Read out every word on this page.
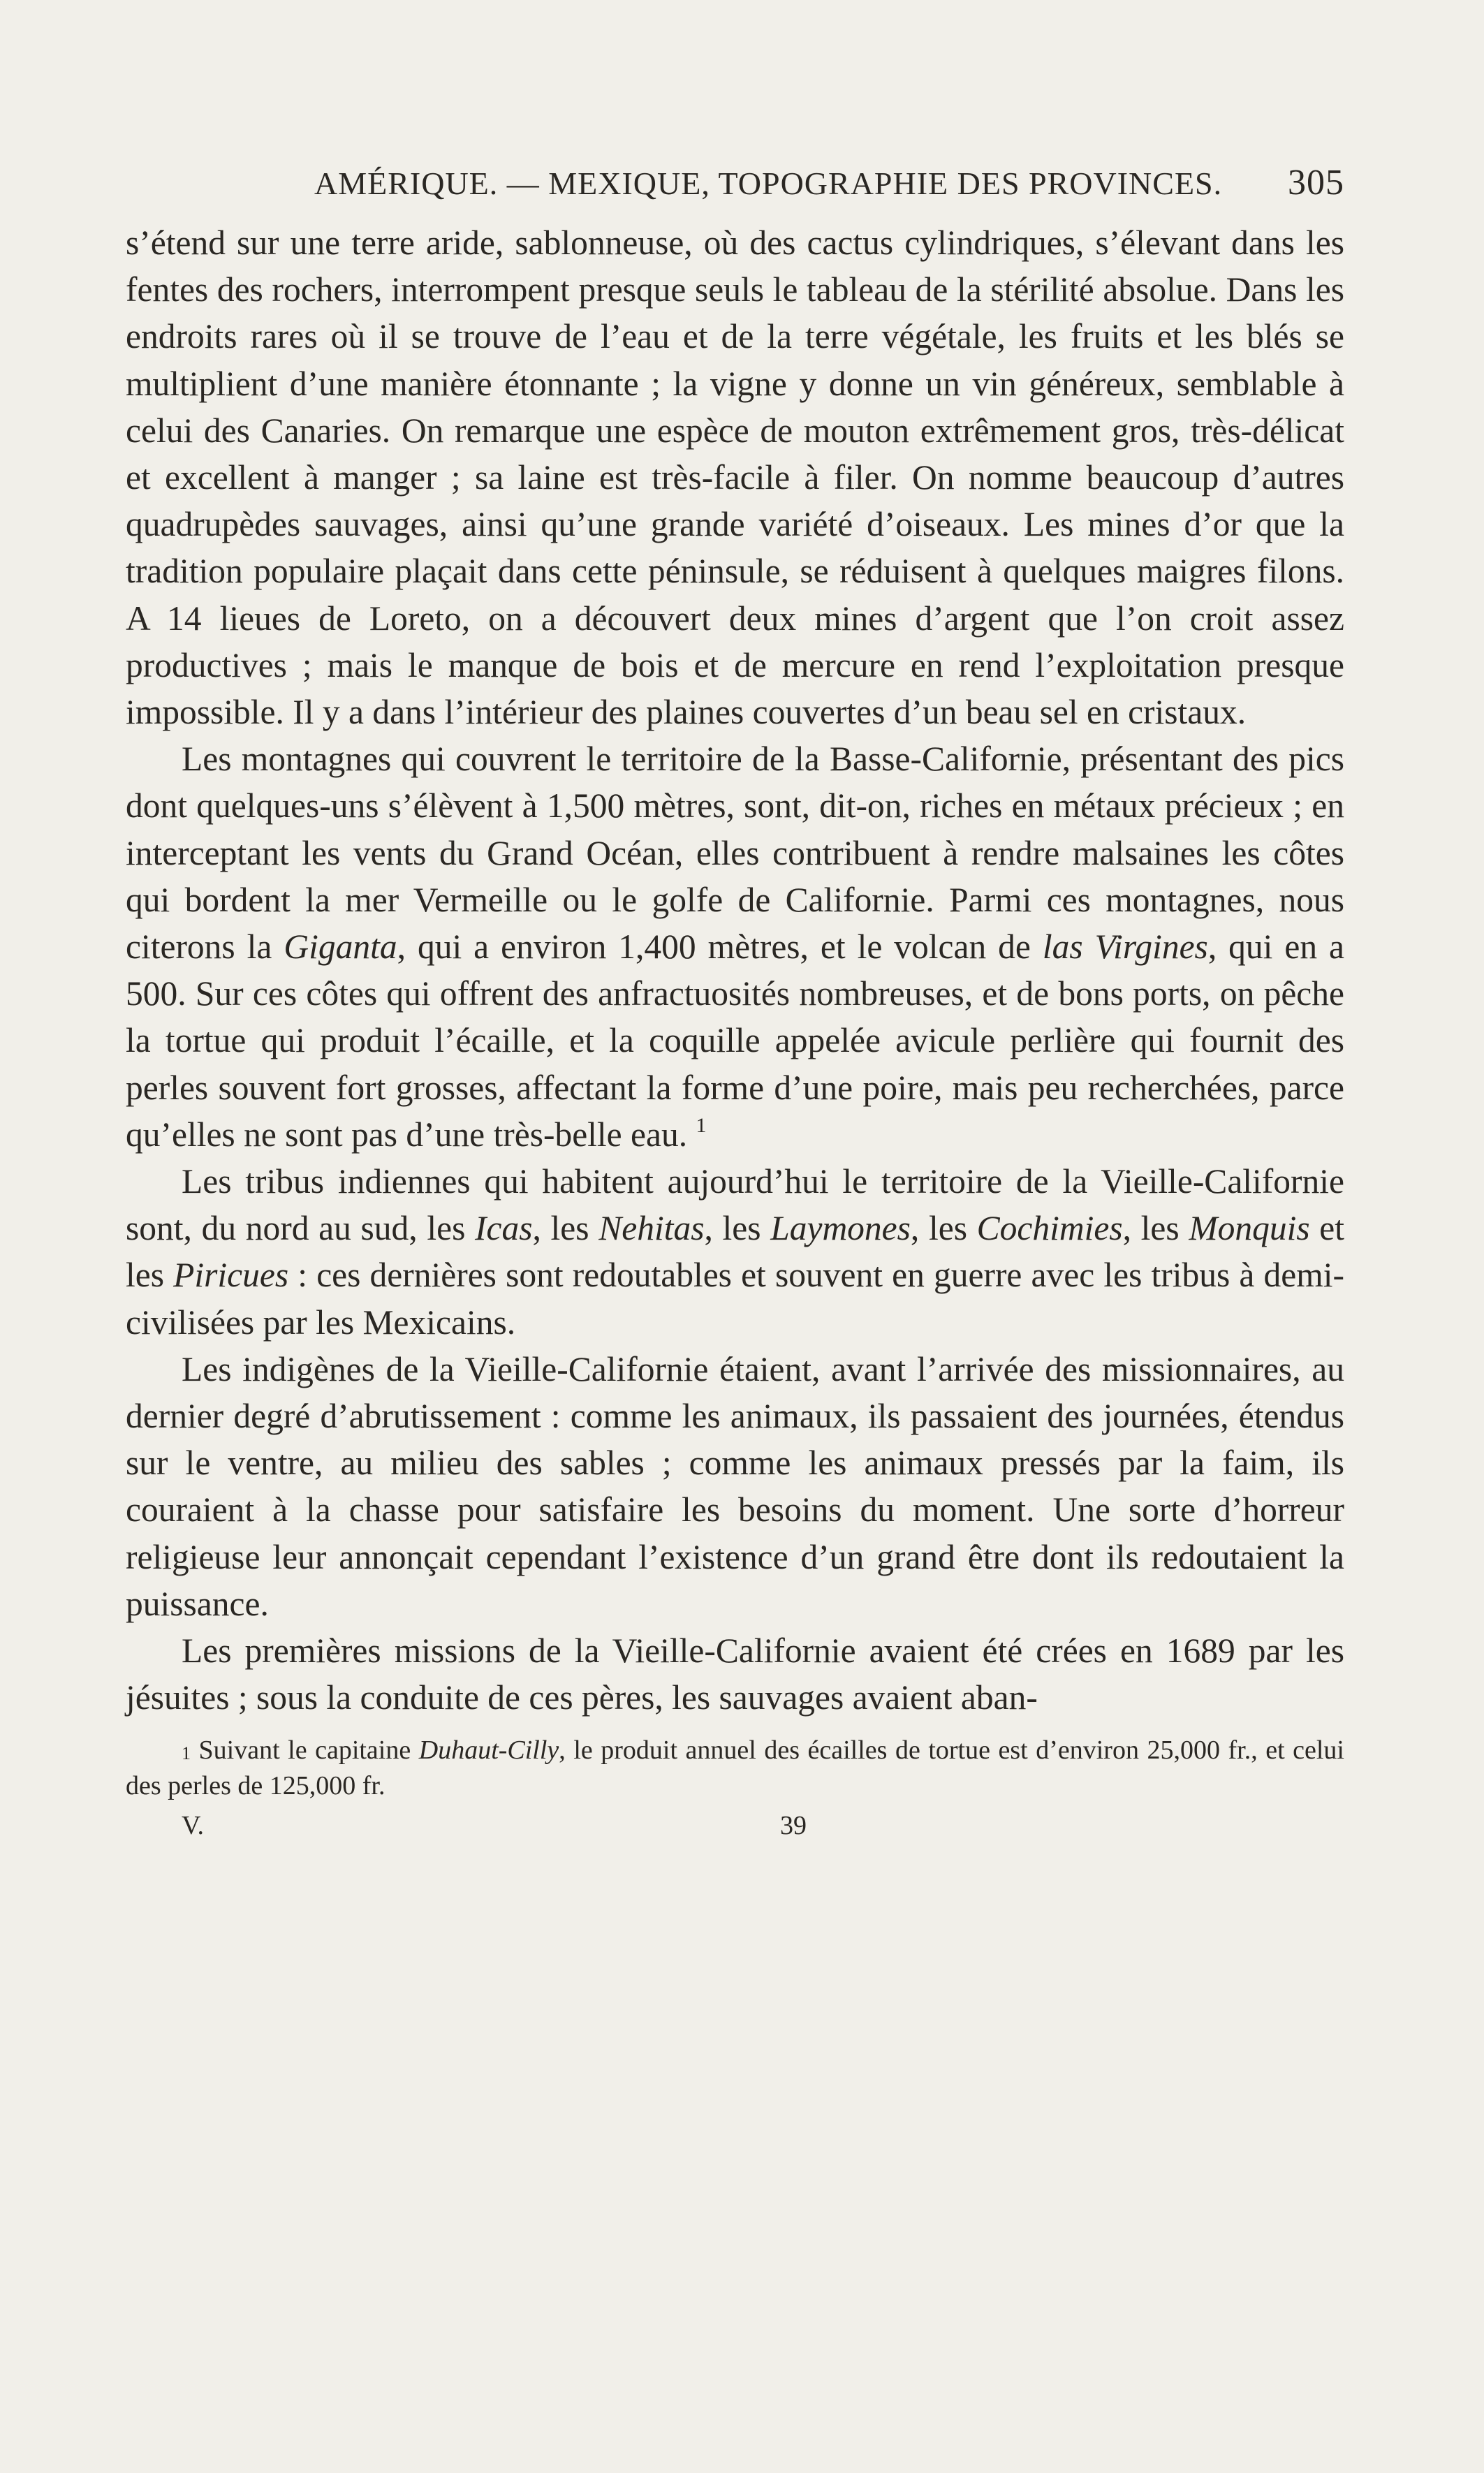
AMÉRIQUE. — MEXIQUE, TOPOGRAPHIE DES PROVINCES. 305

s’étend sur une terre aride, sablonneuse, où des cactus cylindriques, s’élevant dans les fentes des rochers, interrompent presque seuls le tableau de la stérilité absolue. Dans les endroits rares où il se trouve de l’eau et de la terre végétale, les fruits et les blés se multiplient d’une manière étonnante ; la vigne y donne un vin généreux, semblable à celui des Canaries. On remarque une espèce de mouton extrêmement gros, très-délicat et excellent à manger ; sa laine est très-facile à filer. On nomme beaucoup d’autres quadrupèdes sauvages, ainsi qu’une grande variété d’oiseaux. Les mines d’or que la tradition populaire plaçait dans cette péninsule, se réduisent à quelques maigres filons. A 14 lieues de Loreto, on a découvert deux mines d’argent que l’on croit assez productives ; mais le manque de bois et de mercure en rend l’exploitation presque impossible. Il y a dans l’intérieur des plaines couvertes d’un beau sel en cristaux.

Les montagnes qui couvrent le territoire de la Basse-Californie, présentant des pics dont quelques-uns s’élèvent à 1,500 mètres, sont, dit-on, riches en métaux précieux ; en interceptant les vents du Grand Océan, elles contribuent à rendre malsaines les côtes qui bordent la mer Vermeille ou le golfe de Californie. Parmi ces montagnes, nous citerons la Giganta, qui a environ 1,400 mètres, et le volcan de las Virgines, qui en a 500. Sur ces côtes qui offrent des anfractuosités nombreuses, et de bons ports, on pêche la tortue qui produit l’écaille, et la coquille appelée avicule perlière qui fournit des perles souvent fort grosses, affectant la forme d’une poire, mais peu recherchées, parce qu’elles ne sont pas d’une très-belle eau. $^1$

Les tribus indiennes qui habitent aujourd’hui le territoire de la Vieille-Californie sont, du nord au sud, les Icas, les Nehitas, les Laymones, les Cochimies, les Monquis et les Piricues : ces dernières sont redoutables et souvent en guerre avec les tribus à demi-civilisées par les Mexicains.

Les indigènes de la Vieille-Californie étaient, avant l’arrivée des missionnaires, au dernier degré d’abrutissement : comme les animaux, ils passaient des journées, étendus sur le ventre, au milieu des sables ; comme les animaux pressés par la faim, ils couraient à la chasse pour satisfaire les besoins du moment. Une sorte d’horreur religieuse leur annonçait cependant l’existence d’un grand être dont ils redoutaient la puissance.

Les premières missions de la Vieille-Californie avaient été crées en 1689 par les jésuites ; sous la conduite de ces pères, les sauvages avaient aban-

$^1$ Suivant le capitaine Duhaut-Cilly, le produit annuel des écailles de tortue est d’environ 25,000 fr., et celui des perles de 125,000 fr.
V.	39
